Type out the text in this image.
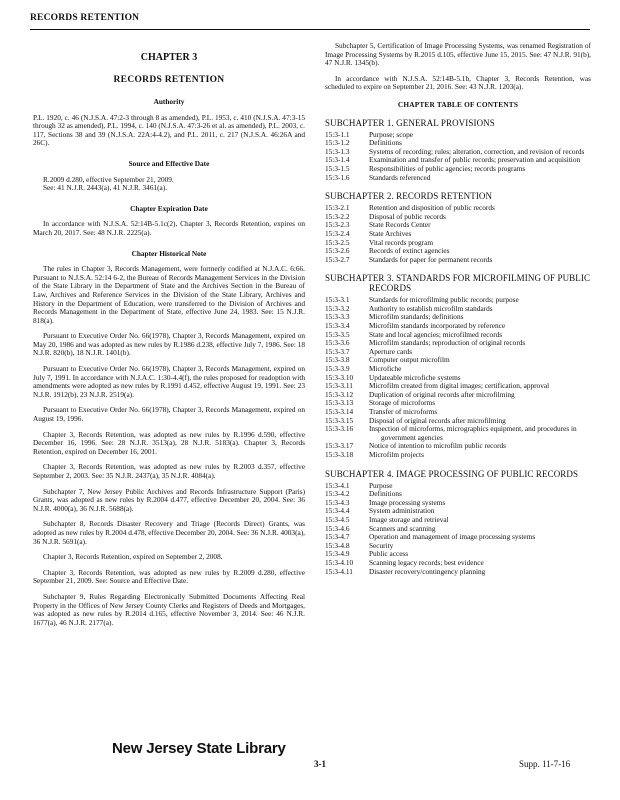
RECORDS RETENTION
CHAPTER 3
RECORDS RETENTION
Authority

P.L. 1920, c. 46 (N.J.S.A. 47:2-3 through 8 as amended), P.L. 1953, c. 410 (N.J.S.A. 47:3-15 through 32 as amended), P.L. 1994, c. 140 (N.J.S.A. 47:3-26 et al. as amended), P.L. 2003, c. 117, Sections 38 and 39 (N.J.S.A. 22A:4-4.2), and P.L. 2011, c. 217 (N.J.S.A. 46:26A and 26C).

Source and Effective Date

R.2009 d.280, effective September 21, 2009.

See: 41 N.J.R. 2443(a), 41 N.J.R. 3461(a).

Chapter Expiration Date

In accordance with N.J.S.A. 52:14B-5.1c(2), Chapter 3, Records Retention, expires on March 20, 2017. See: 48 N.J.R. 2225(a).

Chapter Historical Note

The rules in Chapter 3, Records Management, were formerly codified at N.J.A.C. 6:66. Pursuant to N.J.S.A. 52:14 6-2, the Bureau of Records Management Services in the Division of the State Library in the Department of State and the Archives Section in the Bureau of Law, Archives and Reference Services in the Division of the State Library, Archives and History in the Department of Education, were transferred to the Division of Archives and Records Management in the Department of State, effective June 24, 1983. See: 15 N.J.R. 818(a).

Pursuant to Executive Order No. 66(1978), Chapter 3, Records Management, expired on May 20, 1986 and was adopted as new rules by R.1986 d.238, effective July 7, 1986. See: 18 N.J.R. 820(b), 18 N.J.R. 1401(b).

Pursuant to Executive Order No. 66(1978), Chapter 3, Records Management, expired on July 7, 1991. In accordance with N.J.A.C. 1:30-4.4(f), the rules proposed for readoption with amendments were adopted as new rules by R.1991 d.452, effective August 19, 1991. See: 23 N.J.R. 1912(b), 23 N.J.R. 2519(a).

Pursuant to Executive Order No. 66(1978), Chapter 3, Records Management, expired on August 19, 1996.

Chapter 3, Records Retention, was adopted as new rules by R.1996 d.590, effective December 16, 1996. See: 28 N.J.R. 3513(a), 28 N.J.R. 5183(a). Chapter 3, Records Retention, expired on December 16, 2001.

Chapter 3, Records Retention, was adopted as new rules by R.2003 d.357, effective September 2, 2003. See: 35 N.J.R. 2437(a), 35 N.J.R. 4084(a).

Subchapter 7, New Jersey Public Archives and Records Infrastructure Support (Paris) Grants, was adopted as new rules by R.2004 d.477, effective December 20, 2004. See: 36 N.J.R. 4000(a), 36 N.J.R. 5688(a).

Subchapter 8, Records Disaster Recovery and Triage (Records Direct) Grants, was adopted as new rules by R.2004 d.478, effective December 20, 2004. See: 36 N.J.R. 4003(a), 36 N.J.R. 5691(a).

Chapter 3, Records Retention, expired on September 2, 2008.

Chapter 3, Records Retention, was adopted as new rules by R.2009 d.280, effective September 21, 2009. See: Source and Effective Date.

Subchapter 9, Rules Regarding Electronically Submitted Documents Affecting Real Property in the Offices of New Jersey County Clerks and Registers of Deeds and Mortgages, was adopted as new rules by R.2014 d.165, effective November 3, 2014. See: 46 N.J.R. 1677(a), 46 N.J.R. 2177(a).

Subchapter 5, Certification of Image Processing Systems, was renamed Registration of Image Processing Systems by R.2015 d.105, effective June 15, 2015. See: 47 N.J.R. 91(b), 47 N.J.R. 1345(b).

In accordance with N.J.S.A. 52:14B-5.1b, Chapter 3, Records Retention, was scheduled to expire on September 21, 2016. See: 43 N.J.R. 1203(a).

CHAPTER TABLE OF CONTENTS
SUBCHAPTER 1. GENERAL PROVISIONS
15:3-1.1	Purpose; scope
15:3-1.2	Definitions
15:3-1.3	Systems of recording; rules; alteration, correction, and revision of records
15:3-1.4	Examination and transfer of public records; preservation and acquisition
15:3-1.5	Responsibilities of public agencies; records programs
15:3-1.6	Standards referenced
SUBCHAPTER 2. RECORDS RETENTION
15:3-2.1	Retention and disposition of public records
15:3-2.2	Disposal of public records
15:3-2.3	State Records Center
15:3-2.4	State Archives
15:3-2.5	Vital records program
15:3-2.6	Records of extinct agencies
15:3-2.7	Standards for paper for permanent records
SUBCHAPTER 3. STANDARDS FOR MICROFILMING OF PUBLIC RECORDS
15:3-3.1	Standards for microfilming public records; purpose
15:3-3.2	Authority to establish microfilm standards
15:3-3.3	Microfilm standards; definitions
15:3-3.4	Microfilm standards incorporated by reference
15:3-3.5	State and local agencies; microfilmed records
15:3-3.6	Microfilm standards; reproduction of original records
15:3-3.7	Aperture cards
15:3-3.8	Computer output microfilm
15:3-3.9	Microfiche
15:3-3.10	Updateable microfiche systems
15:3-3.11	Microfilm created from digital images; certification, approval
15:3-3.12	Duplication of original records after microfilming
15:3-3.13	Storage of microforms
15:3-3.14	Transfer of microforms
15:3-3.15	Disposal of original records after microfilming
15:3-3.16	Inspection of microforms, micrographics equipment, and procedures in government agencies
15:3-3.17	Notice of intention to microfilm public records
15:3-3.18	Microfilm projects
SUBCHAPTER 4. IMAGE PROCESSING OF PUBLIC RECORDS
15:3-4.1	Purpose
15:3-4.2	Definitions
15:3-4.3	Image processing systems
15:3-4.4	System administration
15:3-4.5	Image storage and retrieval
15:3-4.6	Scanners and scanning
15:3-4.7	Operation and management of image processing systems
15:3-4.8	Security
15:3-4.9	Public access
15:3-4.10	Scanning legacy records; best evidence
15:3-4.11	Disaster recovery/contingency planning
New Jersey State Library
3-1	Supp. 11-7-16
